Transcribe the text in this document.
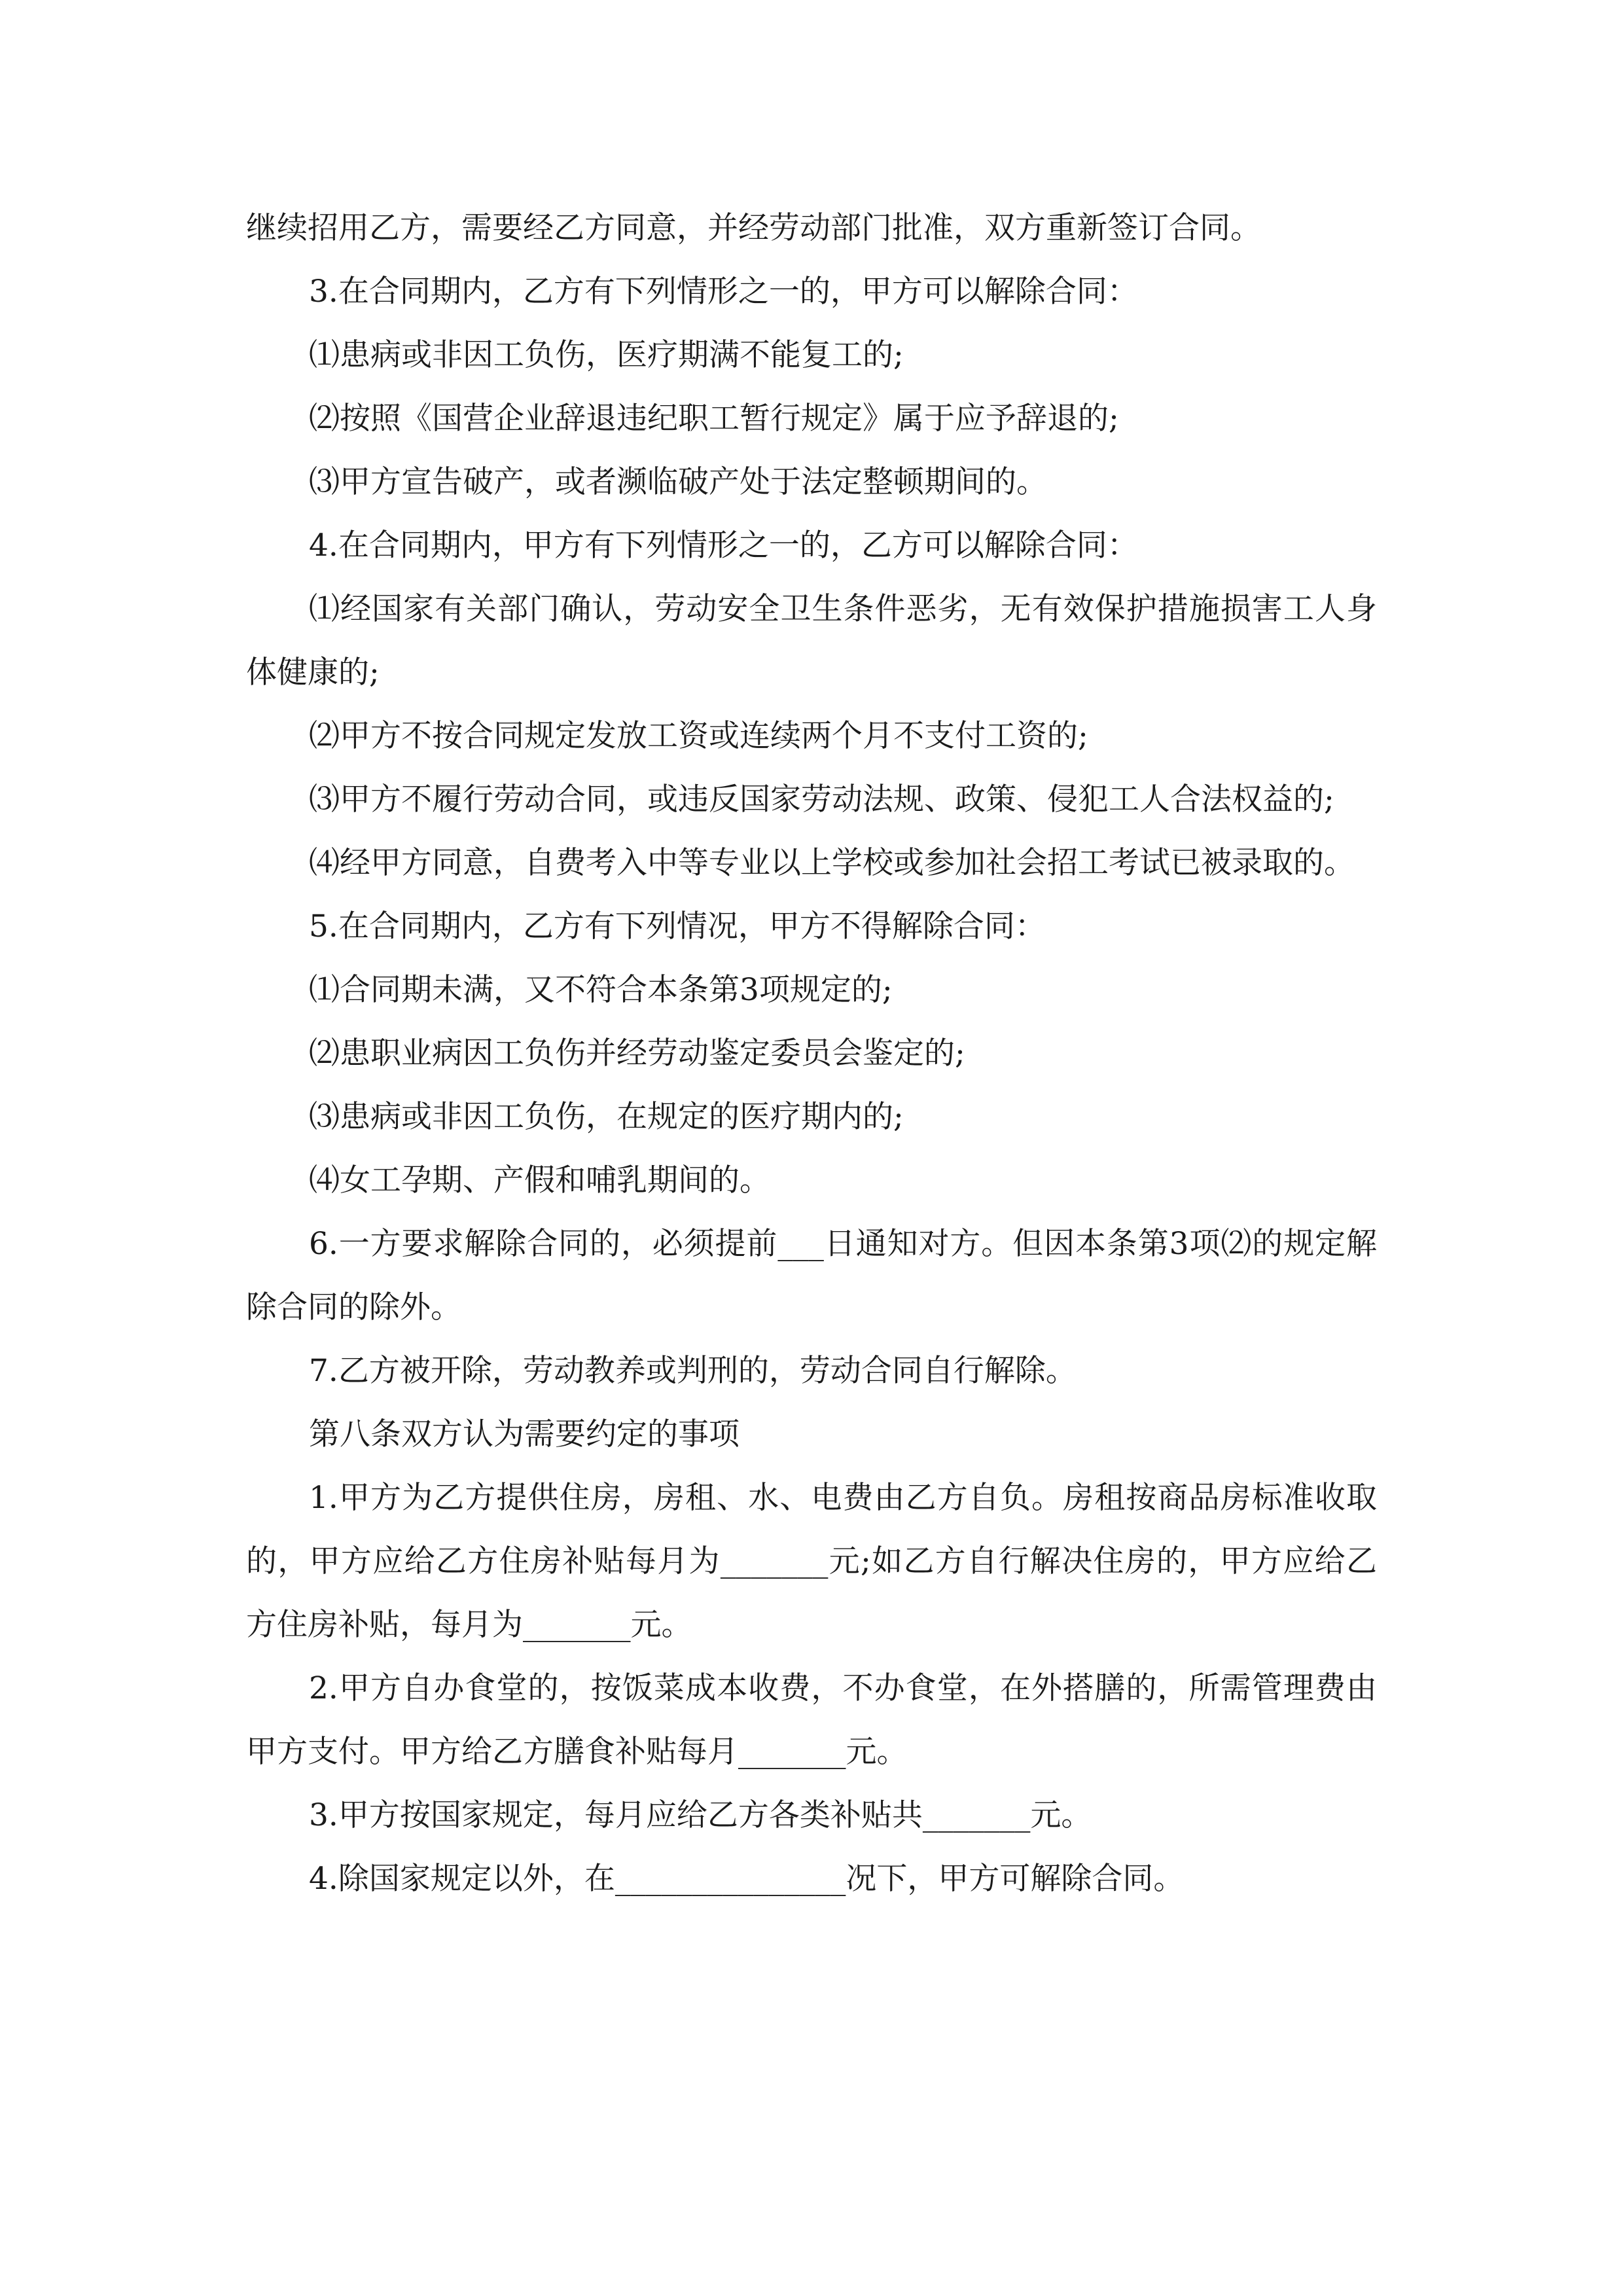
继续招用乙方，需要经乙方同意，并经劳动部门批准，双方重新签订合同。

3.在合同期内，乙方有下列情形之一的，甲方可以解除合同：

⑴患病或非因工负伤，医疗期满不能复工的;

⑵按照《国营企业辞退违纪职工暂行规定》属于应予辞退的;

⑶甲方宣告破产，或者濒临破产处于法定整顿期间的。

4.在合同期内，甲方有下列情形之一的，乙方可以解除合同：

⑴经国家有关部门确认，劳动安全卫生条件恶劣，无有效保护措施损害工人身体健康的;

⑵甲方不按合同规定发放工资或连续两个月不支付工资的;

⑶甲方不履行劳动合同，或违反国家劳动法规、政策、侵犯工人合法权益的;

⑷经甲方同意，自费考入中等专业以上学校或参加社会招工考试已被录取的。

5.在合同期内，乙方有下列情况，甲方不得解除合同：

⑴合同期未满，又不符合本条第3项规定的;

⑵患职业病因工负伤并经劳动鉴定委员会鉴定的;

⑶患病或非因工负伤，在规定的医疗期内的;

⑷女工孕期、产假和哺乳期间的。

6.一方要求解除合同的，必须提前___日通知对方。但因本条第3项⑵的规定解除合同的除外。

7.乙方被开除，劳动教养或判刑的，劳动合同自行解除。

第八条双方认为需要约定的事项

1.甲方为乙方提供住房，房租、水、电费由乙方自负。房租按商品房标准收取的，甲方应给乙方住房补贴每月为_______元;如乙方自行解决住房的，甲方应给乙方住房补贴，每月为_______元。

2.甲方自办食堂的，按饭菜成本收费，不办食堂，在外搭膳的，所需管理费由甲方支付。甲方给乙方膳食补贴每月_______元。

3.甲方按国家规定，每月应给乙方各类补贴共_______元。

4.除国家规定以外，在_______________况下，甲方可解除合同。
